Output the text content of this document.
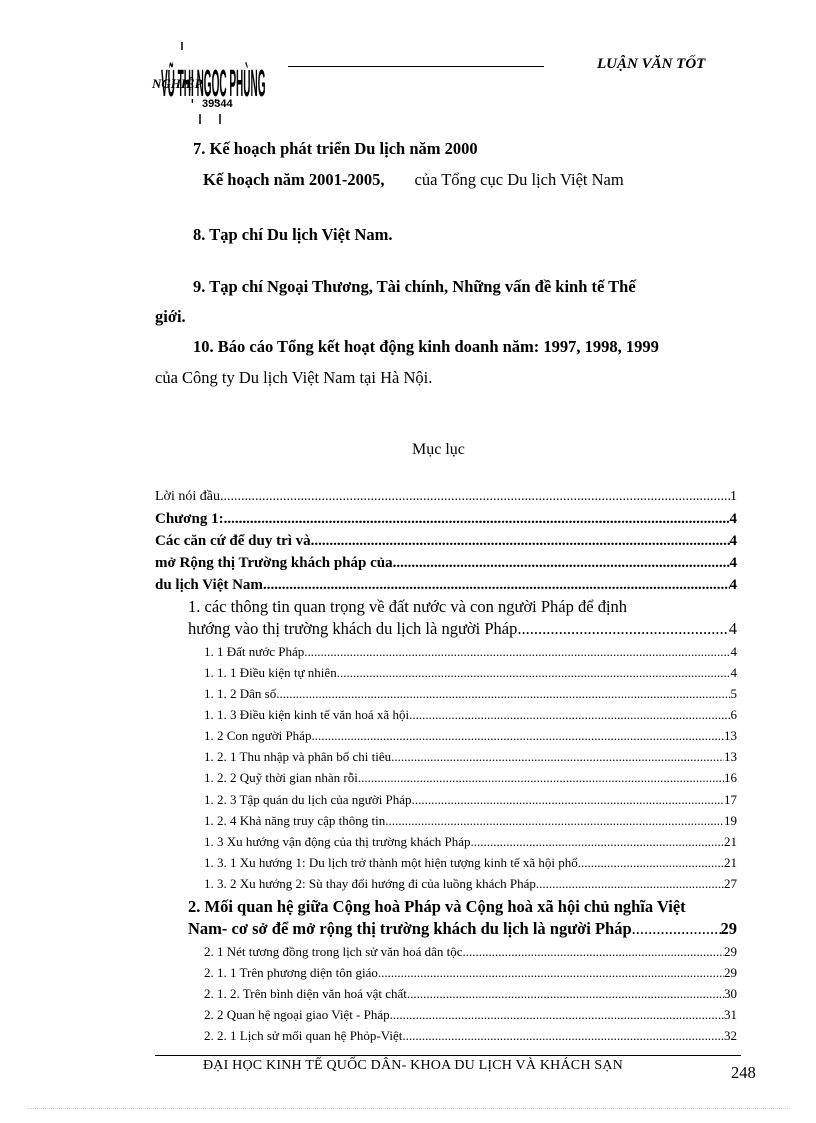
NGHIỆP
VŨ THỊ NGỌ
39344
LUẬN VĂN TỐT
7. Kế hoạch phát triển Du lịch năm 2000
Kế hoạch năm 2001-2005, của Tổng cục Du lịch Việt Nam
8. Tạp chí Du lịch Việt Nam.
9. Tạp chí Ngoại Thương, Tài chính, Những vấn đề kinh tế Thế
giới.
10. Báo cáo Tổng kết hoạt động kinh doanh năm: 1997, 1998, 1999
của Công ty Du lịch Việt Nam tại Hà Nội.
Mục lục
Lời nói đầu .....	1
Chương 1: .....	4
Các căn cứ để duy trì và .....	4
mở Rộng thị Trường khách pháp của .....	4
du lịch Việt Nam .....	4
1. các thông tin quan trọng về đất nước và con người Pháp để định
hướng vào thị trường khách du lịch là người Pháp. .....	4
1. 1 Đất nước Pháp. .....	4
1. 1. 1 Điều kiện tự nhiên .....	4
1. 1. 2 Dân số. .....	5
1. 1. 3 Điều kiện kinh tế văn hoá xã hội. .....	6
1. 2 Con người Pháp. .....	13
1. 2. 1 Thu nhập và phân bố chi tiêu .....	13
1. 2. 2 Quỹ thời gian nhàn rỗi. .....	16
1. 2. 3 Tập quán du lịch của người Pháp. .....	17
1. 2. 4 Khả năng truy cập thông tin. .....	19
1. 3 Xu hướng vận động của thị trường khách Pháp. .....	21
1. 3. 1 Xu hướng 1: Du lịch trở thành một hiện tượng kinh tế xã hội phổ .....	21
1. 3. 2 Xu hướng 2: Sù thay đổi hướng đi của luồng khách Pháp. .....	27
2. Mối quan hệ giữa Cộng hoà Pháp và Cộng hoà xã hội chủ nghĩa Việt
Nam- cơ sở để mở rộng thị trường khách du lịch là người Pháp .....	29
2. 1 Nét tương đồng trong lịch sử văn hoá dân tộc. .....	29
2. 1. 1 Trên phương diện tôn giáo. .....	29
2. 1. 2. Trên bình diện văn hoá vật chất. .....	30
2. 2 Quan hệ ngoại giao Việt - Pháp .....	31
2. 2. 1 Lịch sử mối quan hệ Phỏp-Việt. .....	32
ĐẠI HỌC KINH TẾ QUỐC DÂN- KHOA DU LỊCH VÀ KHÁCH SẠN	248
